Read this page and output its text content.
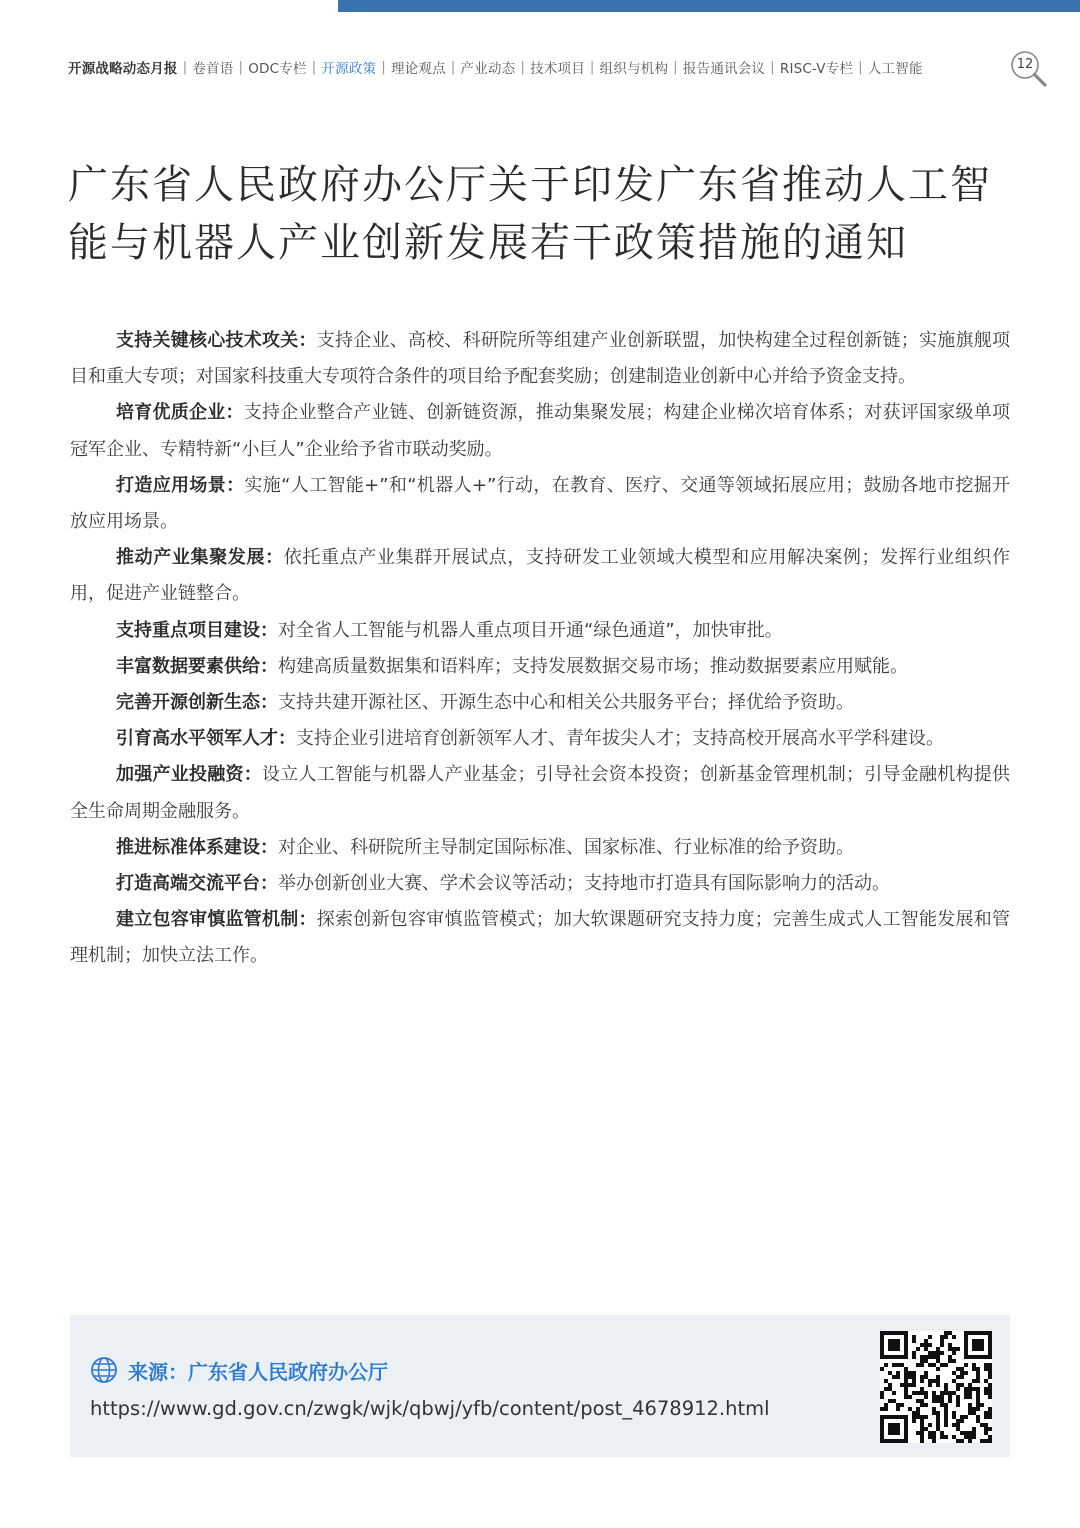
开源战略动态月报 | 卷首语 | ODC专栏 | 开源政策 | 理论观点 | 产业动态 | 技术项目 | 组织与机构 | 报告通讯会议 | RISC-V专栏 | 人工智能	12
广东省人民政府办公厅关于印发广东省推动人工智能与机器人产业创新发展若干政策措施的通知

支持关键核心技术攻关：支持企业、高校、科研院所等组建产业创新联盟，加快构建全过程创新链；实施旗舰项目和重大专项；对国家科技重大专项符合条件的项目给予配套奖励；创建制造业创新中心并给予资金支持。

培育优质企业：支持企业整合产业链、创新链资源，推动集聚发展；构建企业梯次培育体系；对获评国家级单项冠军企业、专精特新“小巨人”企业给予省市联动奖励。

打造应用场景：实施“人工智能+”和“机器人+”行动，在教育、医疗、交通等领域拓展应用；鼓励各地市挖掘开放应用场景。

推动产业集聚发展：依托重点产业集群开展试点，支持研发工业领域大模型和应用解决案例；发挥行业组织作用，促进产业链整合。

支持重点项目建设：对全省人工智能与机器人重点项目开通“绿色通道”，加快审批。

丰富数据要素供给：构建高质量数据集和语料库；支持发展数据交易市场；推动数据要素应用赋能。

完善开源创新生态：支持共建开源社区、开源生态中心和相关公共服务平台；择优给予资助。

引育高水平领军人才：支持企业引进培育创新领军人才、青年拔尖人才；支持高校开展高水平学科建设。

加强产业投融资：设立人工智能与机器人产业基金；引导社会资本投资；创新基金管理机制；引导金融机构提供全生命周期金融服务。

推进标准体系建设：对企业、科研院所主导制定国际标准、国家标准、行业标准的给予资助。

打造高端交流平台：举办创新创业大赛、学术会议等活动；支持地市打造具有国际影响力的活动。

建立包容审慎监管机制：探索创新包容审慎监管模式；加大软课题研究支持力度；完善生成式人工智能发展和管理机制；加快立法工作。

来源：广东省人民政府办公厅
https://www.gd.gov.cn/zwgk/wjk/qbwj/yfb/content/post_4678912.html
